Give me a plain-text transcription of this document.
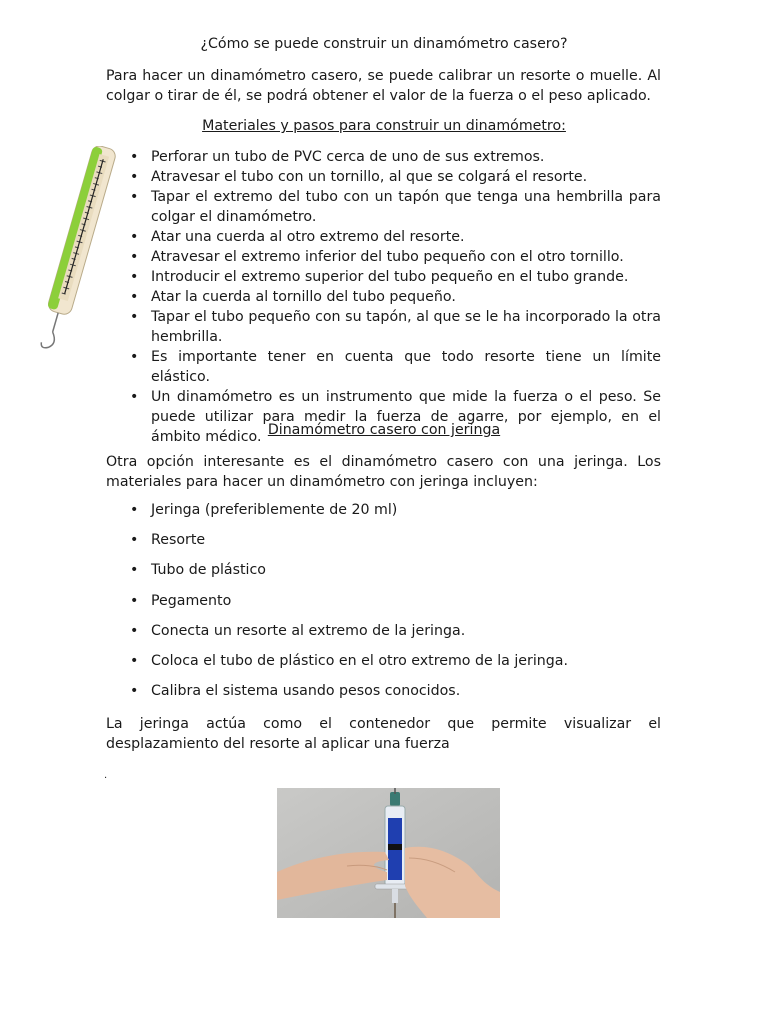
¿Cómo se puede construir un dinamómetro casero?
Para hacer un dinamómetro casero, se puede calibrar un resorte o muelle. Al colgar o tirar de él, se podrá obtener el valor de la fuerza o el peso aplicado.
Materiales y pasos para construir un dinamómetro:
• Perforar un tubo de PVC cerca de uno de sus extremos.
• Atravesar el tubo con un tornillo, al que se colgará el resorte.
• Tapar el extremo del tubo con un tapón que tenga una hembrilla para colgar el dinamómetro.
• Atar una cuerda al otro extremo del resorte.
• Atravesar el extremo inferior del tubo pequeño con el otro tornillo.
• Introducir el extremo superior del tubo pequeño en el tubo grande.
• Atar la cuerda al tornillo del tubo pequeño.
• Tapar el tubo pequeño con su tapón, al que se le ha incorporado la otra hembrilla.
• Es importante tener en cuenta que todo resorte tiene un límite elástico.
• Un dinamómetro es un instrumento que mide la fuerza o el peso. Se puede utilizar para medir la fuerza de agarre, por ejemplo, en el ámbito médico. Dinamómetro casero con jeringa
Otra opción interesante es el dinamómetro casero con una jeringa. Los materiales para hacer un dinamómetro con jeringa incluyen:
• Jeringa (preferiblemente de 20 ml)
• Resorte
• Tubo de plástico
• Pegamento
• Conecta un resorte al extremo de la jeringa.
• Coloca el tubo de plástico en el otro extremo de la jeringa.
• Calibra el sistema usando pesos conocidos.
La jeringa actúa como el contenedor que permite visualizar el desplazamiento del resorte al aplicar una fuerza
.
